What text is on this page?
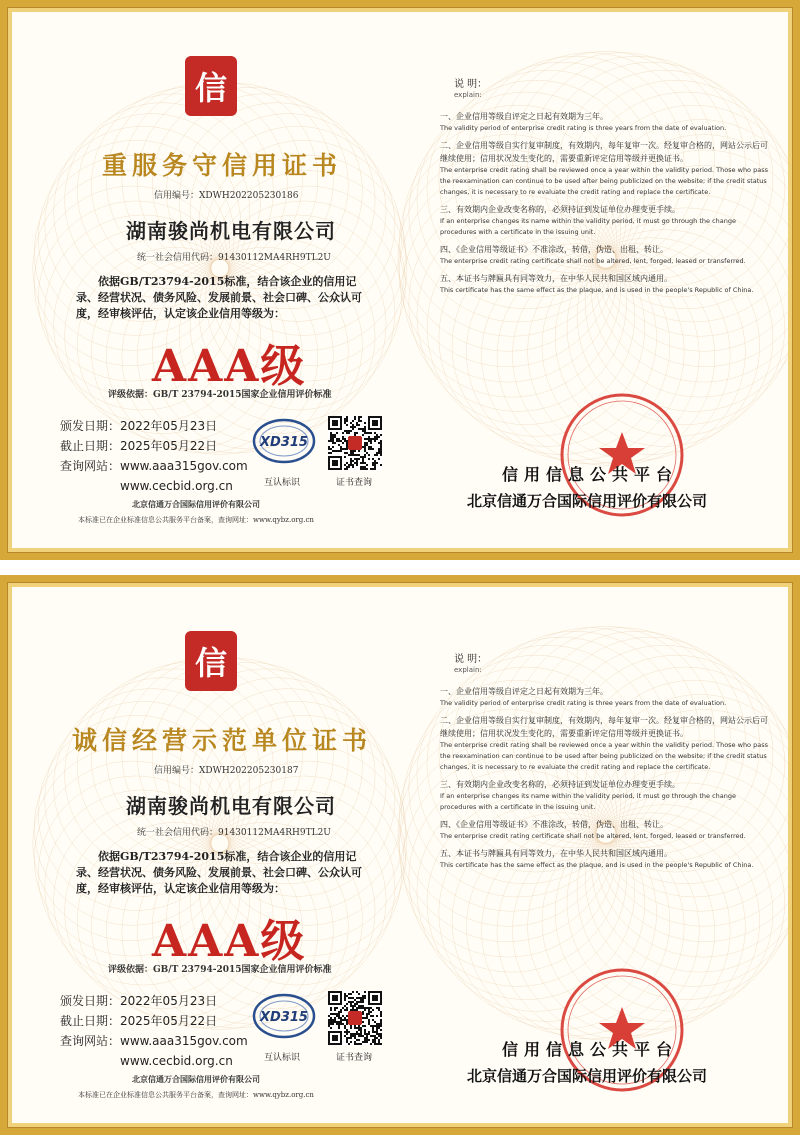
信
重服务守信用证书
信用编号：XDWH202205230186
湖南骏尚机电有限公司
统一社会信用代码：91430112MA4RH9TL2U
依据GB/T23794-2015标准，结合该企业的信用记录、经营状况、债务风险、发展前景、社会口碑、公众认可度，经审核评估，认定该企业信用等级为：
AAA级
评级依据：GB/T 23794-2015国家企业信用评价标准
颁发日期：2022年05月23日
截止日期：2025年05月22日
查询网站：www.aaa315gov.com
www.cecbid.org.cn
XD315
互认标识	证书查询
北京信通万合国际信用评价有限公司
本标准已在企业标准信息公共服务平台备案，查询网址：www.qybz.org.cn
说 明：
explain:
一、企业信用等级自评定之日起有效期为三年。
The validity period of enterprise credit rating is three years from the date of evaluation.
二、企业信用等级自实行复审制度，有效期内，每年复审一次。经复审合格的，网站公示后可继续使用；信用状况发生变化的，需要重新评定信用等级并更换证书。
The enterprise credit rating shall be reviewed once a year within the validity period. Those who pass the reexamination can continue to be used after being publicized on the website; if the credit status changes, it is necessary to re evaluate the credit rating and replace the certificate.
三、有效期内企业改变名称的，必须持证到发证单位办理变更手续。
If an enterprise changes its name within the validity period, it must go through the change procedures with a certificate in the issuing unit.
四、《企业信用等级证书》不准涂改，转借，伪造、出租、转让。
The enterprise credit rating certificate shall not be altered, lent, forged, leased or transferred.
五、本证书与牌匾具有同等效力，在中华人民共和国区域内通用。
This certificate has the same effect as the plaque, and is used in the people's Republic of China.
信用信息公共平台
北京信通万合国际信用评价有限公司
信
诚信经营示范单位证书
信用编号：XDWH202205230187
湖南骏尚机电有限公司
统一社会信用代码：91430112MA4RH9TL2U
依据GB/T23794-2015标准，结合该企业的信用记录、经营状况、债务风险、发展前景、社会口碑、公众认可度，经审核评估，认定该企业信用等级为：
AAA级
评级依据：GB/T 23794-2015国家企业信用评价标准
颁发日期：2022年05月23日
截止日期：2025年05月22日
查询网站：www.aaa315gov.com
www.cecbid.org.cn
XD315
互认标识	证书查询
北京信通万合国际信用评价有限公司
本标准已在企业标准信息公共服务平台备案，查询网址：www.qybz.org.cn
说 明：
explain:
一、企业信用等级自评定之日起有效期为三年。
The validity period of enterprise credit rating is three years from the date of evaluation.
二、企业信用等级自实行复审制度，有效期内，每年复审一次。经复审合格的，网站公示后可继续使用；信用状况发生变化的，需要重新评定信用等级并更换证书。
The enterprise credit rating shall be reviewed once a year within the validity period. Those who pass the reexamination can continue to be used after being publicized on the website; if the credit status changes, it is necessary to re evaluate the credit rating and replace the certificate.
三、有效期内企业改变名称的，必须持证到发证单位办理变更手续。
If an enterprise changes its name within the validity period, it must go through the change procedures with a certificate in the issuing unit.
四、《企业信用等级证书》不准涂改，转借，伪造、出租、转让。
The enterprise credit rating certificate shall not be altered, lent, forged, leased or transferred.
五、本证书与牌匾具有同等效力，在中华人民共和国区域内通用。
This certificate has the same effect as the plaque, and is used in the people's Republic of China.
信用信息公共平台
北京信通万合国际信用评价有限公司
